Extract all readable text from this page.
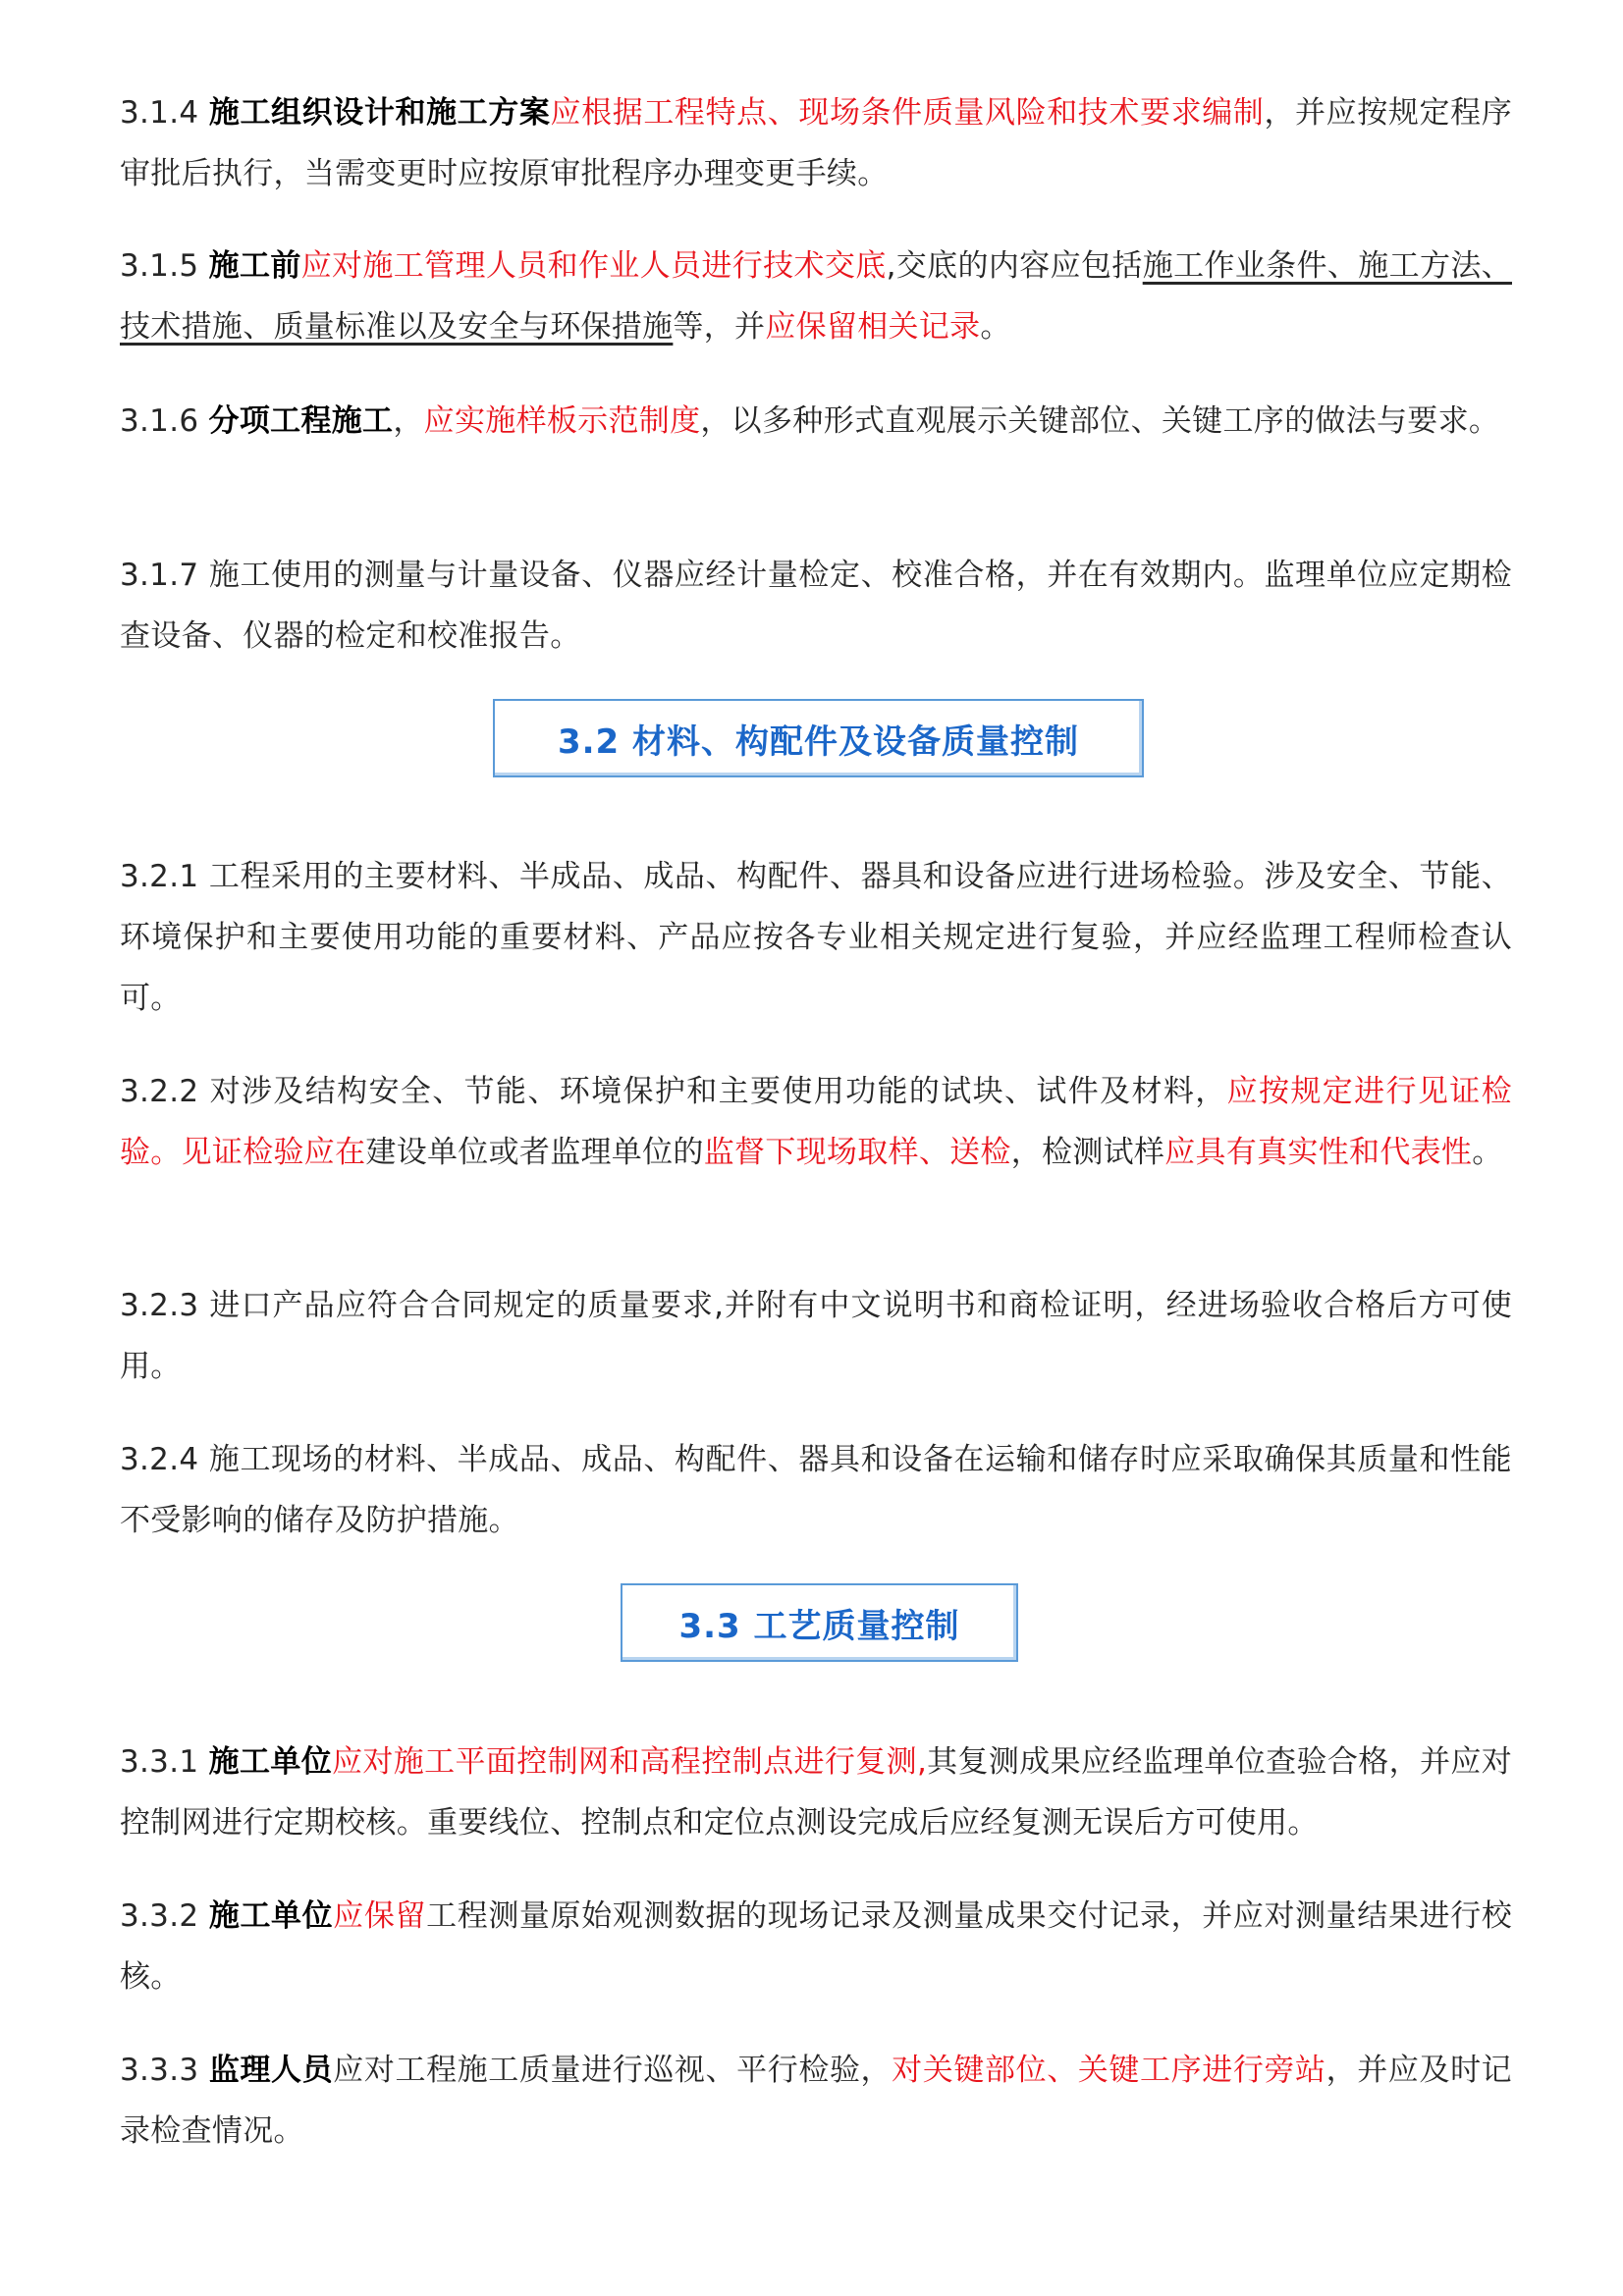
3.1.4 施工组织设计和施工方案应根据工程特点、现场条件质量风险和技术要求编制，并应按规定程序审批后执行，当需变更时应按原审批程序办理变更手续。

3.1.5 施工前应对施工管理人员和作业人员进行技术交底,交底的内容应包括施工作业条件、施工方法、技术措施、质量标准以及安全与环保措施等，并应保留相关记录。

3.1.6 分项工程施工，应实施样板示范制度，以多种形式直观展示关键部位、关键工序的做法与要求。

3.1.7 施工使用的测量与计量设备、仪器应经计量检定、校准合格，并在有效期内。监理单位应定期检查设备、仪器的检定和校准报告。

3.2 材料、构配件及设备质量控制

3.2.1 工程采用的主要材料、半成品、成品、构配件、器具和设备应进行进场检验。涉及安全、节能、环境保护和主要使用功能的重要材料、产品应按各专业相关规定进行复验，并应经监理工程师检查认可。

3.2.2 对涉及结构安全、节能、环境保护和主要使用功能的试块、试件及材料，应按规定进行见证检验。见证检验应在建设单位或者监理单位的监督下现场取样、送检，检测试样应具有真实性和代表性。

3.2.3 进口产品应符合合同规定的质量要求,并附有中文说明书和商检证明，经进场验收合格后方可使用。

3.2.4 施工现场的材料、半成品、成品、构配件、器具和设备在运输和储存时应采取确保其质量和性能不受影响的储存及防护措施。

3.3 工艺质量控制

3.3.1 施工单位应对施工平面控制网和高程控制点进行复测,其复测成果应经监理单位查验合格，并应对控制网进行定期校核。重要线位、控制点和定位点测设完成后应经复测无误后方可使用。

3.3.2 施工单位应保留工程测量原始观测数据的现场记录及测量成果交付记录，并应对测量结果进行校核。

3.3.3 监理人员应对工程施工质量进行巡视、平行检验，对关键部位、关键工序进行旁站，并应及时记录检查情况。
